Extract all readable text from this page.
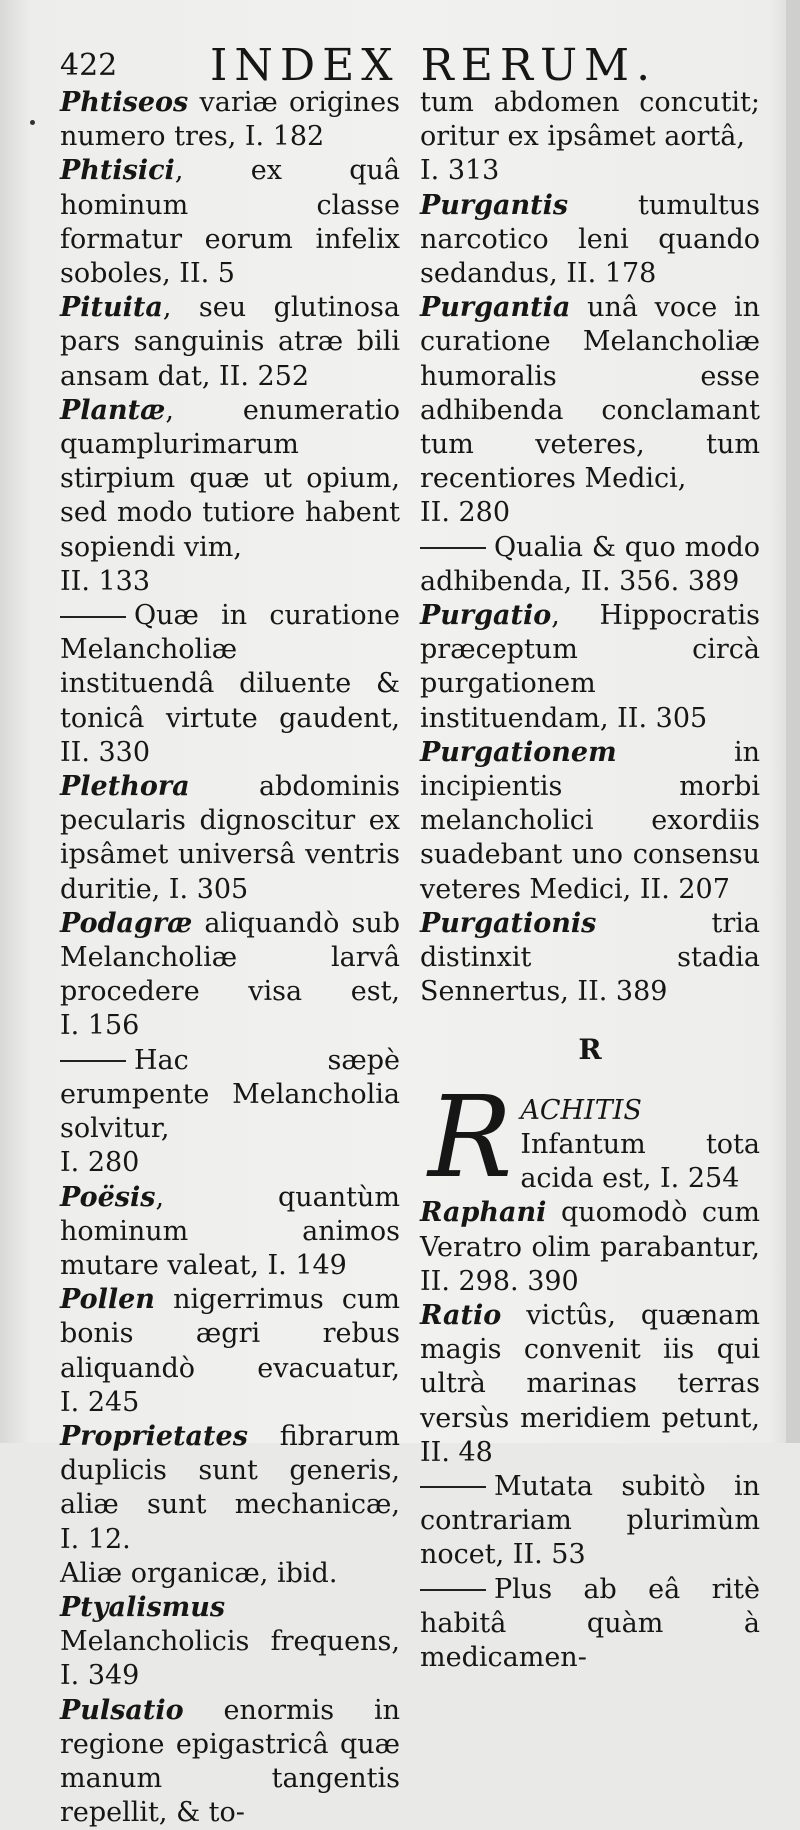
422 INDEX RERUM.
Phtiseos variæ origines numero tres, I. 182
Phtisici, ex quâ hominum classe formatur eorum infelix soboles, II. 5
Pituita, seu glutinosa pars sanguinis atræ bili ansam dat, II. 252
Plantæ, enumeratio quamplurimarum stirpium quæ ut opium, sed modo tutiore habent sopiendi vim,
II. 133
Quæ in curatione Melancholiæ instituendâ diluente & tonicâ virtute gaudent, II. 330
Plethora	abdominis pecularis dignoscitur ex ipsâmet universâ ventris duritie, I. 305
Podagræ aliquandò sub Melancholiæ larvâ procedere visa est, I. 156
Hac sæpè erumpente Melancholia solvitur,
I. 280
Poësis, quantùm hominum animos mutare valeat, I. 149
Pollen nigerrimus cum bonis ægri rebus aliquandò evacuatur, I. 245
Proprietates fibrarum duplicis sunt generis, aliæ sunt mechanicæ, I. 12.
Aliæ organicæ, ibid.
Ptyalismus Melancholicis frequens, I. 349
Pulsatio enormis in regione epigastricâ quæ manum tangentis repellit, & to-
tum abdomen concutit; oritur ex ipsâmet aortâ,
I. 313
Purgantis	tumultus narcotico leni quando sedandus, II. 178
Purgantia unâ voce in curatione Melancholiæ humoralis esse adhibenda conclamant tum veteres, tum recentiores Medici,
II. 280
Qualia & quo modo adhibenda, II. 356. 389
Purgatio, Hippocratis præceptum circà purgationem instituendam, II. 305
Purgationem	in incipientis morbi melancholici exordiis suadebant uno consensu veteres Medici, II. 207
Purgationis	tria distinxit stadia Sennertus, II. 389
R
RACHITIS Infantum tota acida est, I. 254
Raphani quomodò cum Veratro olim parabantur, II. 298. 390
Ratio victûs, quænam magis convenit iis qui ultrà marinas terras versùs meridiem petunt, II. 48
Mutata subitò in contrariam plurimùm nocet, II. 53
Plus ab eâ ritè habitâ quàm à medicamen-
